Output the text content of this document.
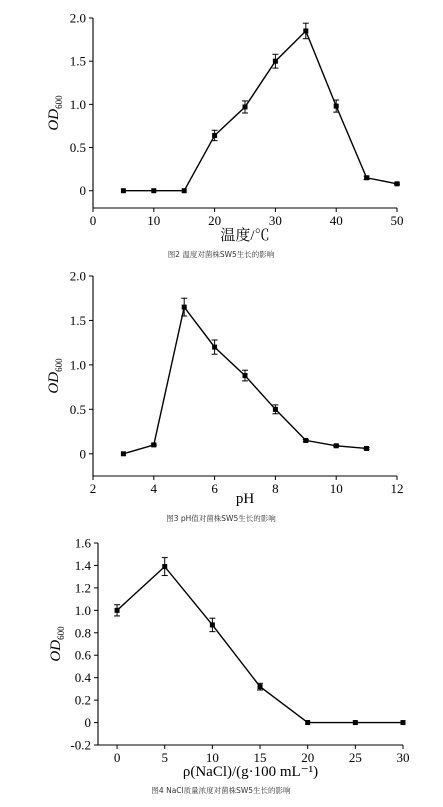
0	10	20	30	40	50
0
0.5
1.0
1.5
2.0
温度/℃
$OD_{600}$
图2 温度对菌株SW5生长的影响
2	4	6	8	10	12
0
0.5
1.0
1.5
2.0
pH
$OD_{600}$
图3 pH值对菌株SW5生长的影响
0	5	10	15	20	25	30
-0.2
0
0.2
0.4
0.6
0.8
1.0
1.2
1.4
1.6
ρ(NaCl)/(g·100 mL⁻¹)
$OD_{600}$
图4 NaCl质量浓度对菌株SW5生长的影响
